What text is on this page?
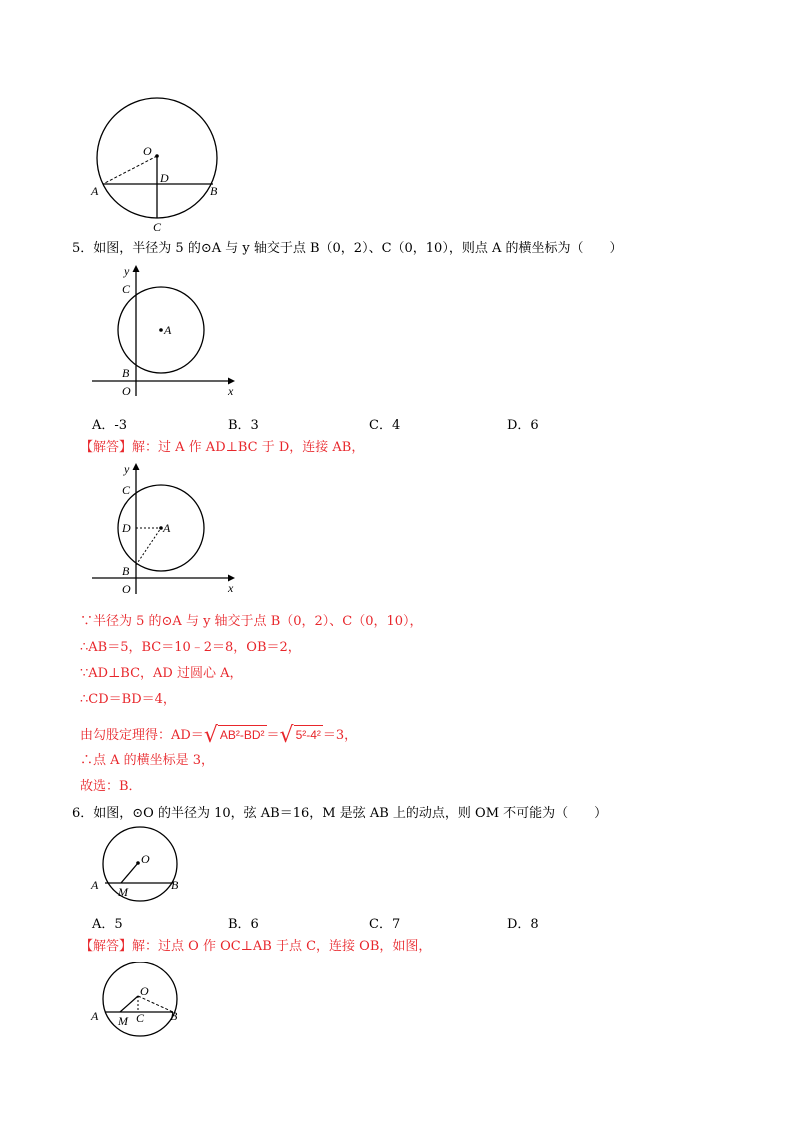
O
D
A	B
C
5．如图，半径为 5 的⊙A 与 y 轴交于点 B（0，2）、C（0，10），则点 A 的横坐标为（　　）
y
C
A
B
O	x
A．‐3	B．3	C．4	D．6
【解答】解：过 A 作 AD⊥BC 于 D，连接 AB，
y
C
D	A
B
O	x
∵半径为 5 的⊙A 与 y 轴交于点 B（0，2）、C（0，10），
∴AB＝5，BC＝10﹣2＝8，OB＝2，
∵AD⊥BC，AD 过圆心 A，
∴CD＝BD＝4，
由勾股定理得：AD＝√ AB²‐BD² ＝√ 5²‐4² ＝3，
∴点 A 的横坐标是 3，
故选：B．
6．如图，⊙O 的半径为 10，弦 AB＝16，M 是弦 AB 上的动点，则 OM 不可能为（　　）
O
A M	B
A．5	B．6	C．7	D．8
【解答】解：过点 O 作 OC⊥AB 于点 C，连接 OB，如图，
O
A M C B
